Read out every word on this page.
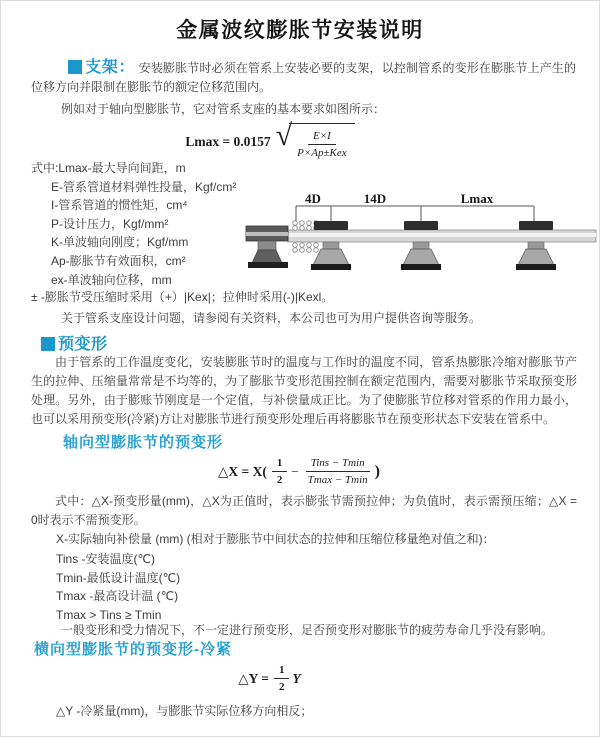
金属波纹膨胀节安装说明
支架： 安装膨胀节时必须在管系上安装必要的支架，以控制管系的变形在膨胀节上产生的位移方向并限制在膨胀节的额定位移范围内。
例如对于轴向型膨胀节，它对管系支座的基本要求如图所示：
Lmax = 0.0157 √ $\frac{E\times I}{\text{P×Ap±Kex}}$
式中:Lmax-最大导向间距，m
E-管系管道材料弹性投量，Kgf/cm²
I-管系管道的惯性矩，cm⁴
P-设计压力，Kgf/mm²
K-单波轴向刚度；Kgf/mm
Ap-膨胀节有效面积，cm²
ex-单波轴向位移，mm
± -膨胀节受压缩时采用（+）|Kex|；拉伸时采用(-)|Kexl。
关于管系支座设计问题，请参阅有关资料，本公司也可为用户提供咨询等服务。
4D	14D	Lmax
预变形
由于管系的工作温度变化，安装膨胀节时的温度与工作时的温度不同，管系热膨胀冷缩对膨胀节产生的拉伸、压缩量常常是不均等的，为了膨胀节变形范围控制在额定范围内，需要对膨胀节采取预变形处理。另外，由于膨账节刚度是一个定值，与补偿量成正比。为了使膨胀节位移对管系的作用力最小，也可以采用预变形(冷紧)方让对膨胀节进行预变形处理后再将膨胀节在预变形状态下安装在管系中。
轴向型膨胀节的预变形
△X = $X( \frac{1}{2} - \frac{\text{Tins − Tmin}}{Tmax - Tmin}$ )
式中：△X-预变形量(mm)，△X为正值时，表示膨张节需预拉伸；为负值时，表示需预压缩；△X = 0时表示不需预变形。
X-实际轴向补偿量 (mm) (相对于膨胀节中间状态的拉伸和压缩位移量绝对值之和)：
Tins -安装温度(℃)
Tmin-最低设计温度(℃)
Tmax -最高设计温 (℃)
Tmax > Tins ≥ Tmin
一般变形和受力情况下，不一定进行预变形，足否预变形对膨胀节的疲劳寿命几乎没有影响。
横向型膨胀节的预变形-冷紧
△Y = $\frac{1}{2}$ Y
△Y -冷紧量(mm)，与膨胀节实际位移方向相反；
